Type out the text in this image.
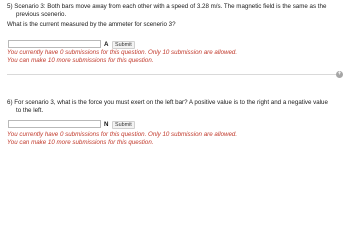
5) Scenario 3: Both bars move away from each other with a speed of 3.28 m/s. The magnetic field is the same as the
previous scenerio.
What is the current measured by the ammeter for scenerio 3?
A	Submit
You currently have 0 submissions for this question. Only 10 submission are allowed.
You can make 10 more submissions for this question.
+
6) For scenario 3, what is the force you must exert on the left bar? A positive value is to the right and a negative value
to the left.
N	Submit
You currently have 0 submissions for this question. Only 10 submission are allowed.
You can make 10 more submissions for this question.
